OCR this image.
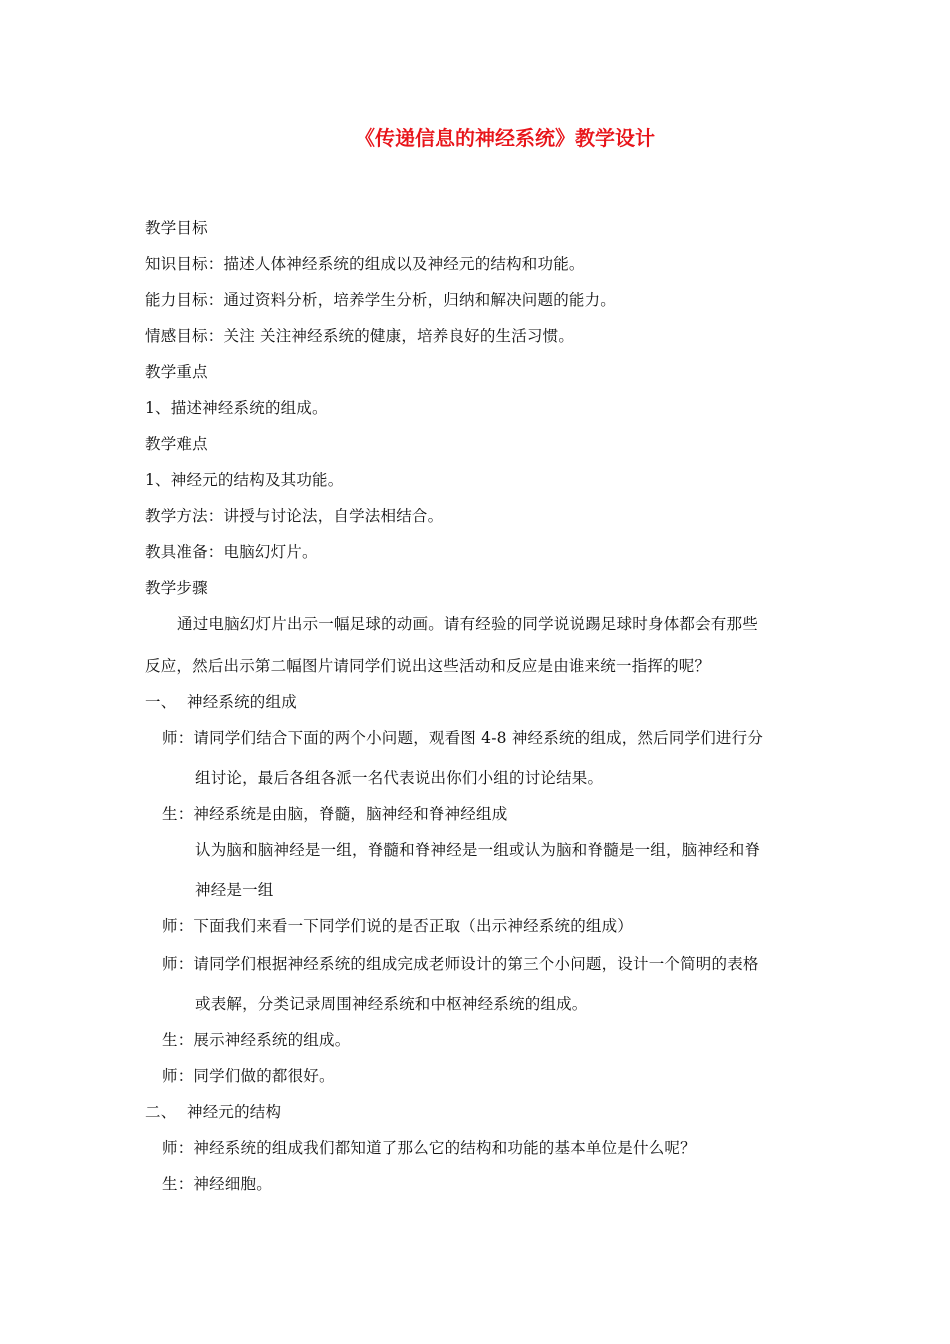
《传递信息的神经系统》教学设计
教学目标
知识目标：描述人体神经系统的组成以及神经元的结构和功能。
能力目标：通过资料分析，培养学生分析，归纳和解决问题的能力。
情感目标：关注 关注神经系统的健康，培养良好的生活习惯。
教学重点
1、描述神经系统的组成。
教学难点
1、神经元的结构及其功能。
教学方法：讲授与讨论法，自学法相结合。
教具准备：电脑幻灯片。
教学步骤
通过电脑幻灯片出示一幅足球的动画。请有经验的同学说说踢足球时身体都会有那些
反应，然后出示第二幅图片请同学们说出这些活动和反应是由谁来统一指挥的呢？
一、 神经系统的组成
师：请同学们结合下面的两个小问题，观看图 4-8 神经系统的组成，然后同学们进行分
组讨论，最后各组各派一名代表说出你们小组的讨论结果。
生：神经系统是由脑，脊髓，脑神经和脊神经组成
认为脑和脑神经是一组，脊髓和脊神经是一组或认为脑和脊髓是一组，脑神经和脊
神经是一组
师：下面我们来看一下同学们说的是否正取（出示神经系统的组成）
师：请同学们根据神经系统的组成完成老师设计的第三个小问题，设计一个简明的表格
或表解，分类记录周围神经系统和中枢神经系统的组成。
生：展示神经系统的组成。
师：同学们做的都很好。
二、 神经元的结构
师：神经系统的组成我们都知道了那么它的结构和功能的基本单位是什么呢？
生：神经细胞。
